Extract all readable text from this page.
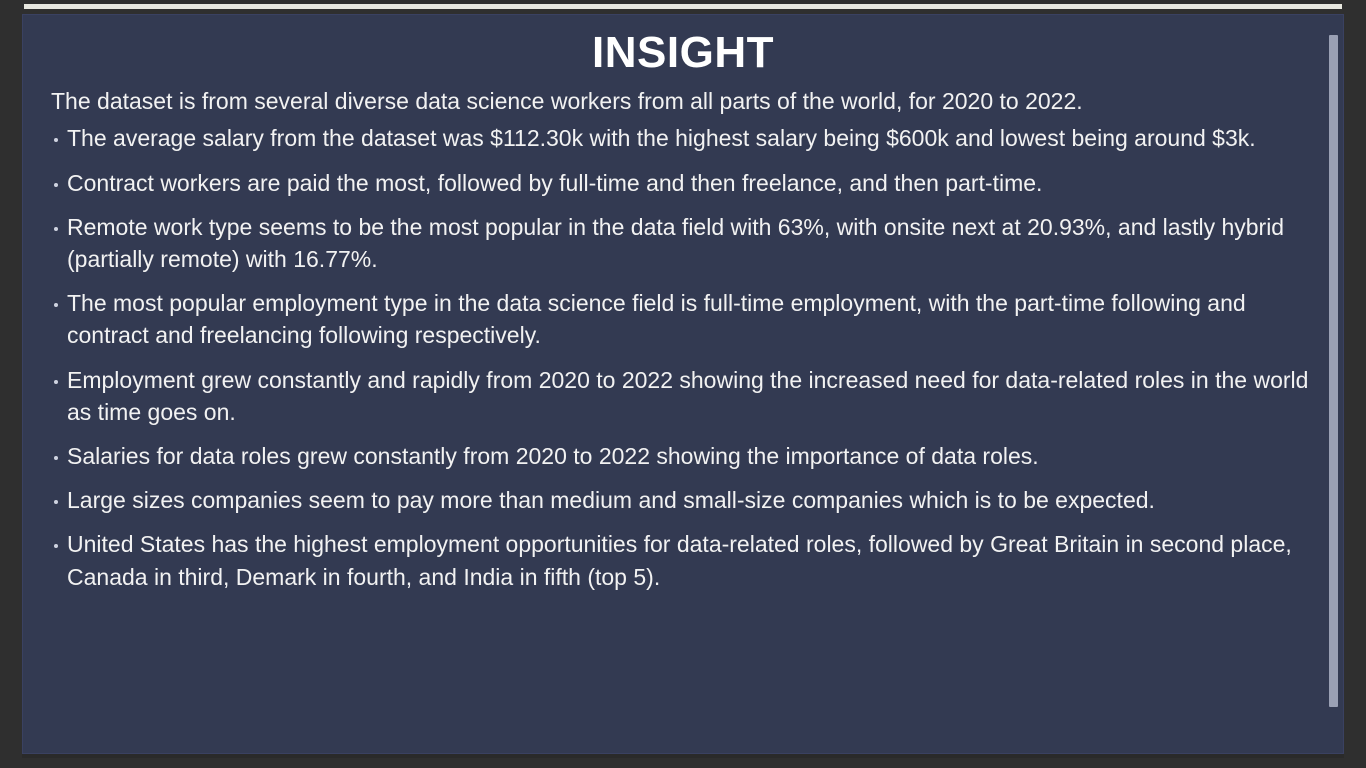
INSIGHT
The dataset is from several diverse data science workers from all parts of the world, for 2020 to 2022.
The average salary from the dataset was $112.30k with the highest salary being $600k and lowest being around $3k.
Contract workers are paid the most, followed by full-time and then freelance, and then part-time.
Remote work type seems to be the most popular in the data field with 63%, with onsite next at 20.93%, and lastly hybrid (partially remote) with 16.77%.
The most popular employment type in the data science field is full-time employment, with the part-time following and contract and freelancing following respectively.
Employment grew constantly and rapidly from 2020 to 2022 showing the increased need for data-related roles in the world as time goes on.
Salaries for data roles grew constantly from 2020 to 2022 showing the importance of data roles.
Large sizes companies seem to pay more than medium and small-size companies which is to be expected.
United States has the highest employment opportunities for data-related roles, followed by Great Britain in second place, Canada in third, Demark in fourth, and India in fifth (top 5).
